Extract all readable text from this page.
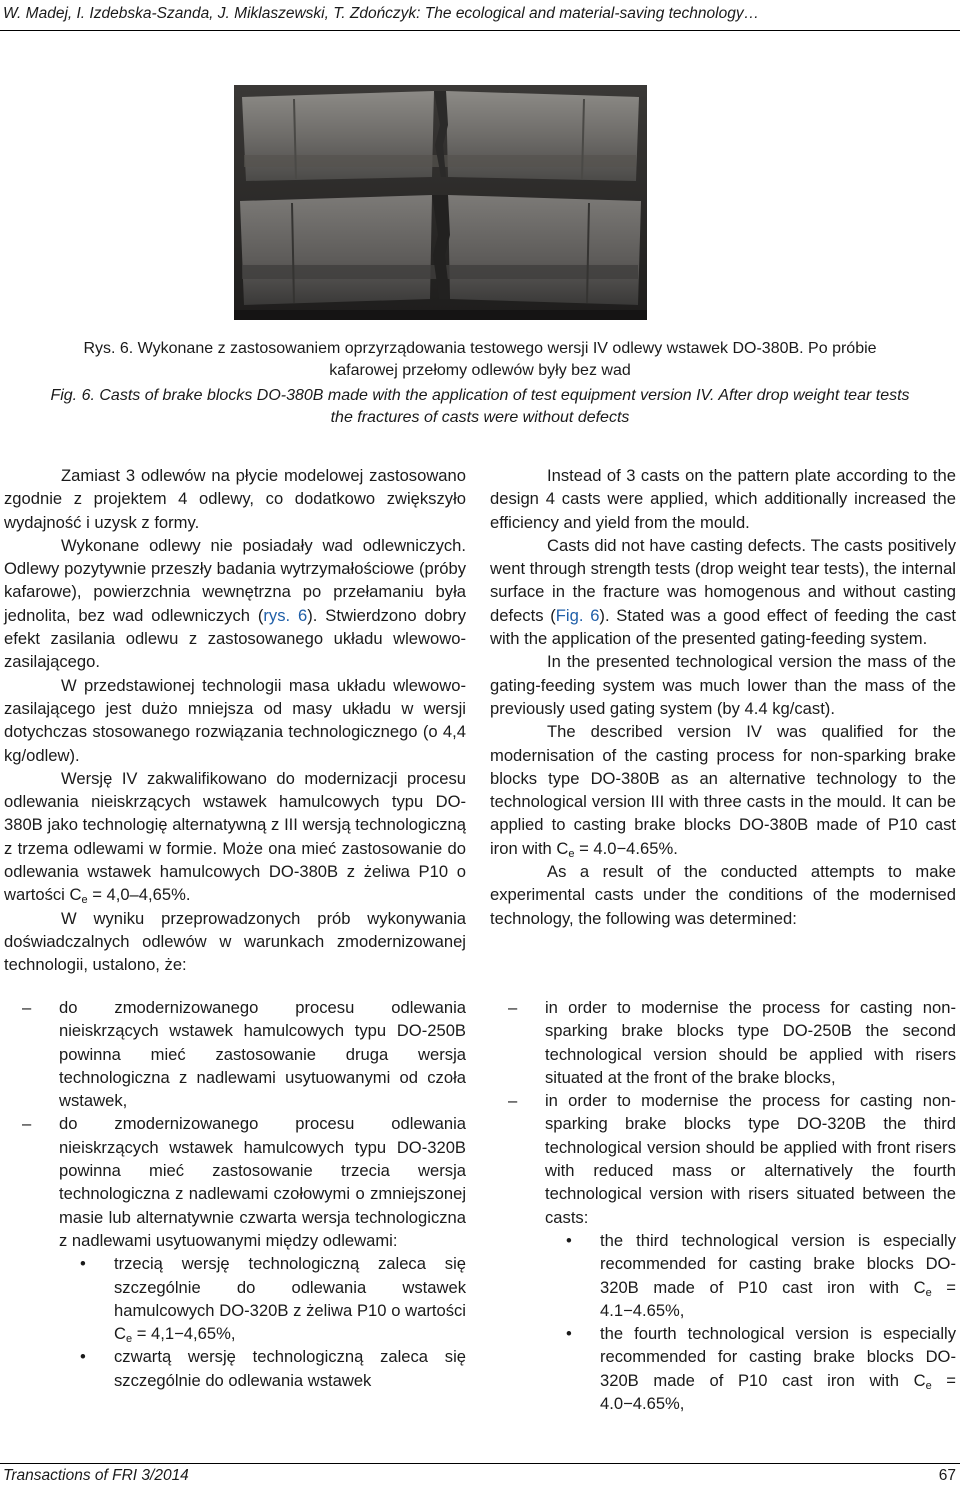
W. Madej, I. Izdebska-Szanda, J. Miklaszewski, T. Zdończyk: The ecological and material-saving technology…
Rys. 6. Wykonane z zastosowaniem oprzyrządowania testowego wersji IV odlewy wstawek DO-380B. Po próbie
kafarowej przełomy odlewów były bez wad
Fig. 6. Casts of brake blocks DO-380B made with the application of test equipment version IV. After drop weight tear tests
the fractures of casts were without defects

Zamiast 3 odlewów na płycie modelowej zastosowano zgodnie z projektem 4 odlewy, co dodatkowo zwiększyło wydajność i uzysk z formy.

Wykonane odlewy nie posiadały wad odlewniczych. Odlewy pozytywnie przeszły badania wytrzymałościowe (próby kafarowe), powierzchnia wewnętrzna po przełamaniu była jednolita, bez wad odlewniczych (rys. 6). Stwierdzono dobry efekt zasilania odlewu z zastosowanego układu wlewowo-zasilającego.

W przedstawionej technologii masa układu wlewowo-zasilającego jest dużo mniejsza od masy układu w wersji dotychczas stosowanego rozwiązania technologicznego (o 4,4 kg/odlew).

Wersję IV zakwalifikowano do modernizacji procesu odlewania nieiskrzących wstawek hamulcowych typu DO-380B jako technologię alternatywną z III wersją technologiczną z trzema odlewami w formie. Może ona mieć zastosowanie do odlewania wstawek hamulcowych DO-380B z żeliwa P10 o wartości $C_e = 4,0-4,65\%$.

W wyniku przeprowadzonych prób wykonywania doświadczalnych odlewów w warunkach zmodernizowanej technologii, ustalono, że:

Instead of 3 casts on the pattern plate according to the design 4 casts were applied, which additionally increased the efficiency and yield from the mould.

Casts did not have casting defects. The casts positively went through strength tests (drop weight tear tests), the internal surface in the fracture was homogenous and without casting defects (Fig. 6). Stated was a good effect of feeding the cast with the application of the presented gating-feeding system.

In the presented technological version the mass of the gating-feeding system was much lower than the mass of the previously used gating system (by 4.4 kg/cast).

The described version IV was qualified for the modernisation of the casting process for non-sparking brake blocks type DO-380B as an alternative technology to the technological version III with three casts in the mould. It can be applied to casting brake blocks DO-380B made of P10 cast iron with $C_e = 4.0-4.65\%$.

As a result of the conducted attempts to make experimental casts under the conditions of the modernised technology, the following was determined:

– do zmodernizowanego procesu odlewania nieiskrzących wstawek hamulcowych typu DO-250B powinna mieć zastosowanie druga wersja technologiczna z nadlewami usytuowanymi od czoła wstawek,
– do zmodernizowanego procesu odlewania nieiskrzących wstawek hamulcowych typu DO-320B powinna mieć zastosowanie trzecia wersja technologiczna z nadlewami czołowymi o zmniejszonej masie lub alternatywnie czwarta wersja technologiczna z nadlewami usytuowanymi między odlewami:
• trzecią wersję technologiczną zaleca się szczególnie do odlewania wstawek hamulcowych DO-320B z żeliwa P10 o wartości $C_e = 4,1-4,65\%$,
• czwartą wersję technologiczną zaleca się szczególnie do odlewania wstawek
– in order to modernise the process for casting non-sparking brake blocks type DO-250B the second technological version should be applied with risers situated at the front of the brake blocks,
– in order to modernise the process for casting non-sparking brake blocks type DO-320B the third technological version should be applied with front risers with reduced mass or alternatively the fourth technological version with risers situated between the casts:
• the third technological version is especially recommended for casting brake blocks DO-320B made of P10 cast iron with $C_e = 4.1-4.65\%$,
• the fourth technological version is especially recommended for casting brake blocks DO-320B made of P10 cast iron with $C_e = 4.0-4.65\%$,
Transactions of FRI 3/2014	67
